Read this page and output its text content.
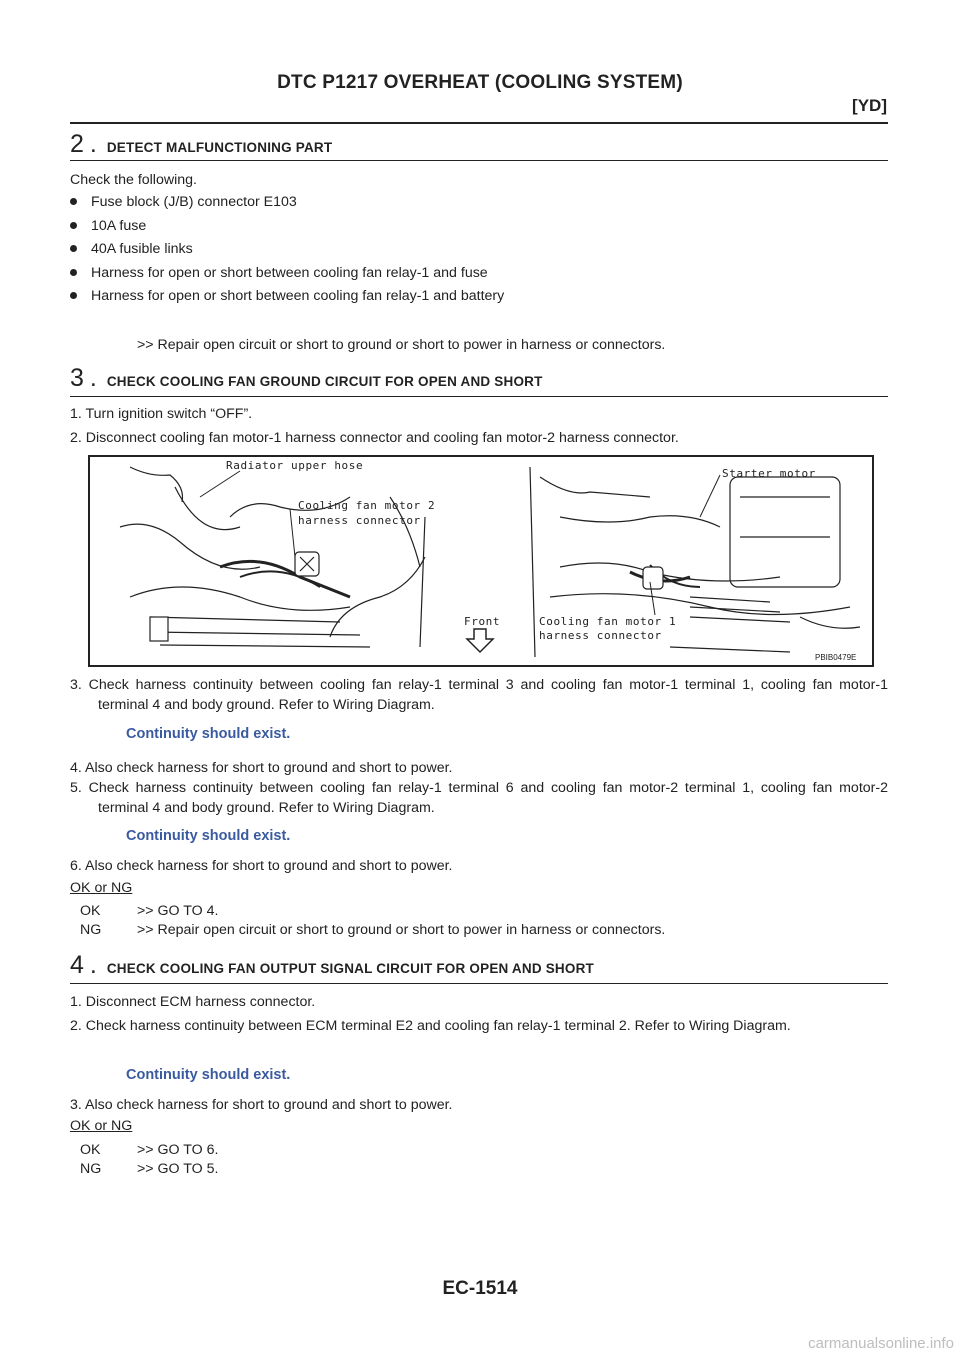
DTC P1217 OVERHEAT (COOLING SYSTEM)
[YD]
2 . DETECT MALFUNCTIONING PART
Check the following.
Fuse block (J/B) connector E103
10A fuse
40A fusible links
Harness for open or short between cooling fan relay-1 and fuse
Harness for open or short between cooling fan relay-1 and battery
>> Repair open circuit or short to ground or short to power in harness or connectors.
3 . CHECK COOLING FAN GROUND CIRCUIT FOR OPEN AND SHORT
1. Turn ignition switch “OFF”.
2. Disconnect cooling fan motor-1 harness connector and cooling fan motor-2 harness connector.
Radiator upper hose
Cooling fan motor 2
harness connector
Starter motor
Front	Cooling fan motor 1
harness connector
PBIB0479E
3. Check harness continuity between cooling fan relay-1 terminal 3 and cooling fan motor-1 terminal 1, cooling fan motor-1 terminal 4 and body ground. Refer to Wiring Diagram.
Continuity should exist.
4. Also check harness for short to ground and short to power.
5. Check harness continuity between cooling fan relay-1 terminal 6 and cooling fan motor-2 terminal 1, cooling fan motor-2 terminal 4 and body ground. Refer to Wiring Diagram.
Continuity should exist.
6. Also check harness for short to ground and short to power.
OK or NG
OK	>> GO TO 4.
NG	>> Repair open circuit or short to ground or short to power in harness or connectors.
4 . CHECK COOLING FAN OUTPUT SIGNAL CIRCUIT FOR OPEN AND SHORT
1. Disconnect ECM harness connector.
2. Check harness continuity between ECM terminal E2 and cooling fan relay-1 terminal 2. Refer to Wiring Diagram.
Continuity should exist.
3. Also check harness for short to ground and short to power.
OK or NG
OK	>> GO TO 6.
NG	>> GO TO 5.
EC-1514
carmanualsonline.info
